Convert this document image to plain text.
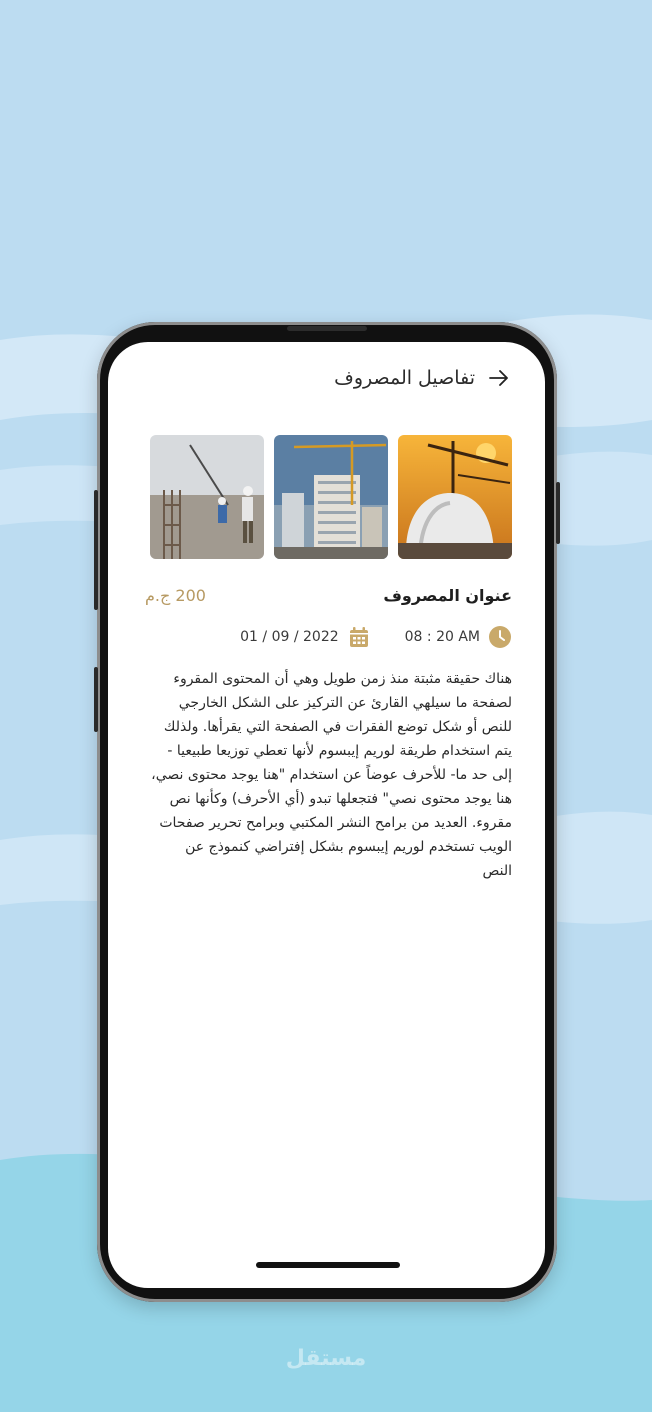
تفاصيل المصروف
200 ج.م	عنوان المصروف
08 : 20 AM
01 / 09 / 2022
هناك حقيقة مثبتة منذ زمن طويل وهي أن المحتوى المقروء
لصفحة ما سيلهي القارئ عن التركيز على الشكل الخارجي
للنص أو شكل توضع الفقرات في الصفحة التي يقرأها. ولذلك
يتم استخدام طريقة لوريم إيبسوم لأنها تعطي توزيعا طبيعيا -
إلى حد ما- للأحرف عوضاً عن استخدام "هنا يوجد محتوى نصي،
هنا يوجد محتوى نصي" فتجعلها تبدو (أي الأحرف) وكأنها نص
مقروء. العديد من برامح النشر المكتبي وبرامح تحرير صفحات
الويب تستخدم لوريم إيبسوم بشكل إفتراضي كنموذج عن
النص
مستقل
